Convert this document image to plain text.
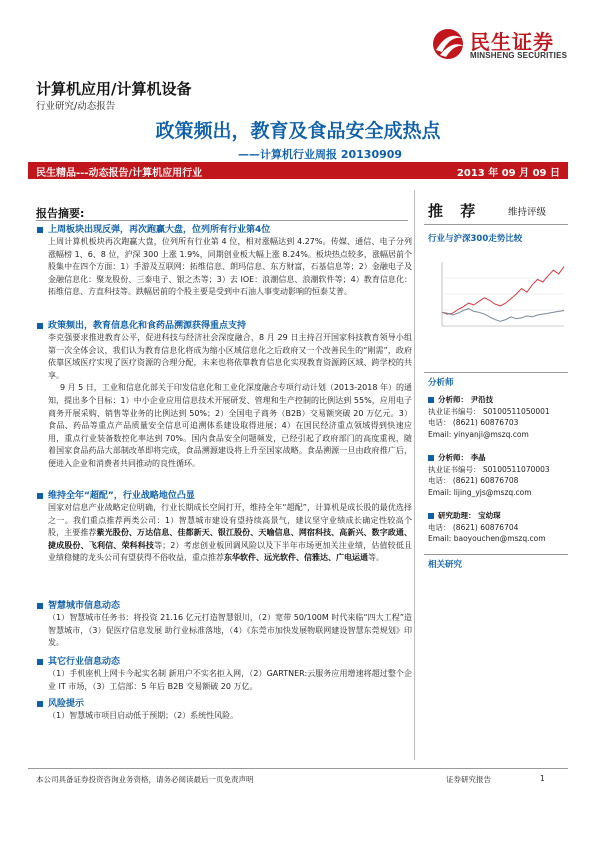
民生证券
MINSHENG SECURITIES
计算机应用/计算机设备
行业研究/动态报告
政策频出，教育及食品安全成热点
——计算机行业周报 20130909
民生精品---动态报告/计算机应用行业	2013 年 09 月 09 日
报告摘要:
上周板块出现反弹，再次跑赢大盘，位列所有行业第4位
上周计算机板块再次跑赢大盘，位列所有行业第 4 位，相对涨幅达到 4.27%。传媒、通信、电子分列涨幅榜 1、6、8 位，沪深 300 上涨 1.9%，同期创业板大幅上涨 8.24%。板块热点较多，涨幅居前个股集中在四个方面：1）手游及互联网：拓维信息、朗玛信息、东方财富，石基信息等；2）金融电子及金融信息化：聚龙股份、三泰电子、银之杰等；3）去 IOE：浪潮信息、浪潮软件等；4）教育信息化：拓维信息、方直科技等。跌幅居前的个股主要是受到中石油人事变动影响的恒泰艾普。
政策频出，教育信息化和食药品溯源获得重点支持
李克强要求推进教育公平，促进科技与经济社会深度融合，8 月 29 日主持召开国家科技教育领导小组第一次全体会议，我们认为教育信息化将成为缩小区域信息化之后政府又一个改善民生的“刚需”，政府依靠区域医疗实现了医疗资源的合理分配，未来也将依靠教育信息化实现教育资源跨区域、跨学校的共享。
9 月 5 日，工业和信息化部关于印发信息化和工业化深度融合专项行动计划（2013-2018 年）的通知，提出多个目标：1）中小企业应用信息技术开展研发、管理和生产控制的比例达到 55%，应用电子商务开展采购、销售等业务的比例达到 50%；2）全国电子商务（B2B）交易额突破 20 万亿元。3）食品、药品等重点产品质量安全信息可追溯体系建设取得进展；4）在国民经济重点领域得到快速应用，重点行业装备数控化率达到 70%。国内食品安全问题频发，已经引起了政府部门的高度重视，随着国家食品药品大部制改革即将完成，食品溯源建设将上升至国家战略。食品溯源一旦由政府推广后，便进入企业和消费者共同推动的良性循环。
维持全年“超配”，行业战略地位凸显
国家对信息产业战略定位明确，行业长期成长空间打开，维持全年“超配”，计算机是成长股的最优选择之一。我们重点推荐两类公司：1）智慧城市建设有望持续高景气，建议坚守业绩成长确定性较高个股，主要推荐紫光股份、万达信息、佳都新天、银江股份、天喻信息、网宿科技、高新兴、数字政通、捷成股份、飞利信、荣科科技等；2）考虑创业板回调风险以及下半年市场更加关注业绩，估值较低且业绩稳健的龙头公司有望获得不俗收益，重点推荐东华软件、远光软件、信雅达、广电运通等。
智慧城市信息动态
（1）智慧城市任务书：将投资 21.16 亿元打造智慧银川，（2）宽带 50/100M 时代来临“四大工程”造智慧城市，（3）促医疗信息发展 助行业标准落地，（4）《东莞市加快发展物联网建设智慧东莞规划》印发。
其它行业信息动态
（1）手机座机上网卡今起实名制 新用户不实名拒入网，（2）GARTNER:云服务应用增速将超过整个企业 IT 市场，（3）工信部：5 年后 B2B 交易额破 20 万亿。
风险提示
（1）智慧城市项目启动低于预期；（2）系统性风险。
推 荐	维持评级
行业与沪深300走势比较
分析师
分析师： 尹沿技
执业证书编号： S0100511050001
电话： (8621) 60876703
Email: yinyanji@mszq.com
分析师： 李晶
执业证书编号： S0100511070003
电话： (8621) 60876708
Email: lijing_yjs@mszq.com
研究助理： 宝幼琛
电话： (8621) 60876704
Email: baoyouchen@mszq.com
相关研究
本公司具备证券投资咨询业务资格，请务必阅读最后一页免责声明	证券研究报告	1
